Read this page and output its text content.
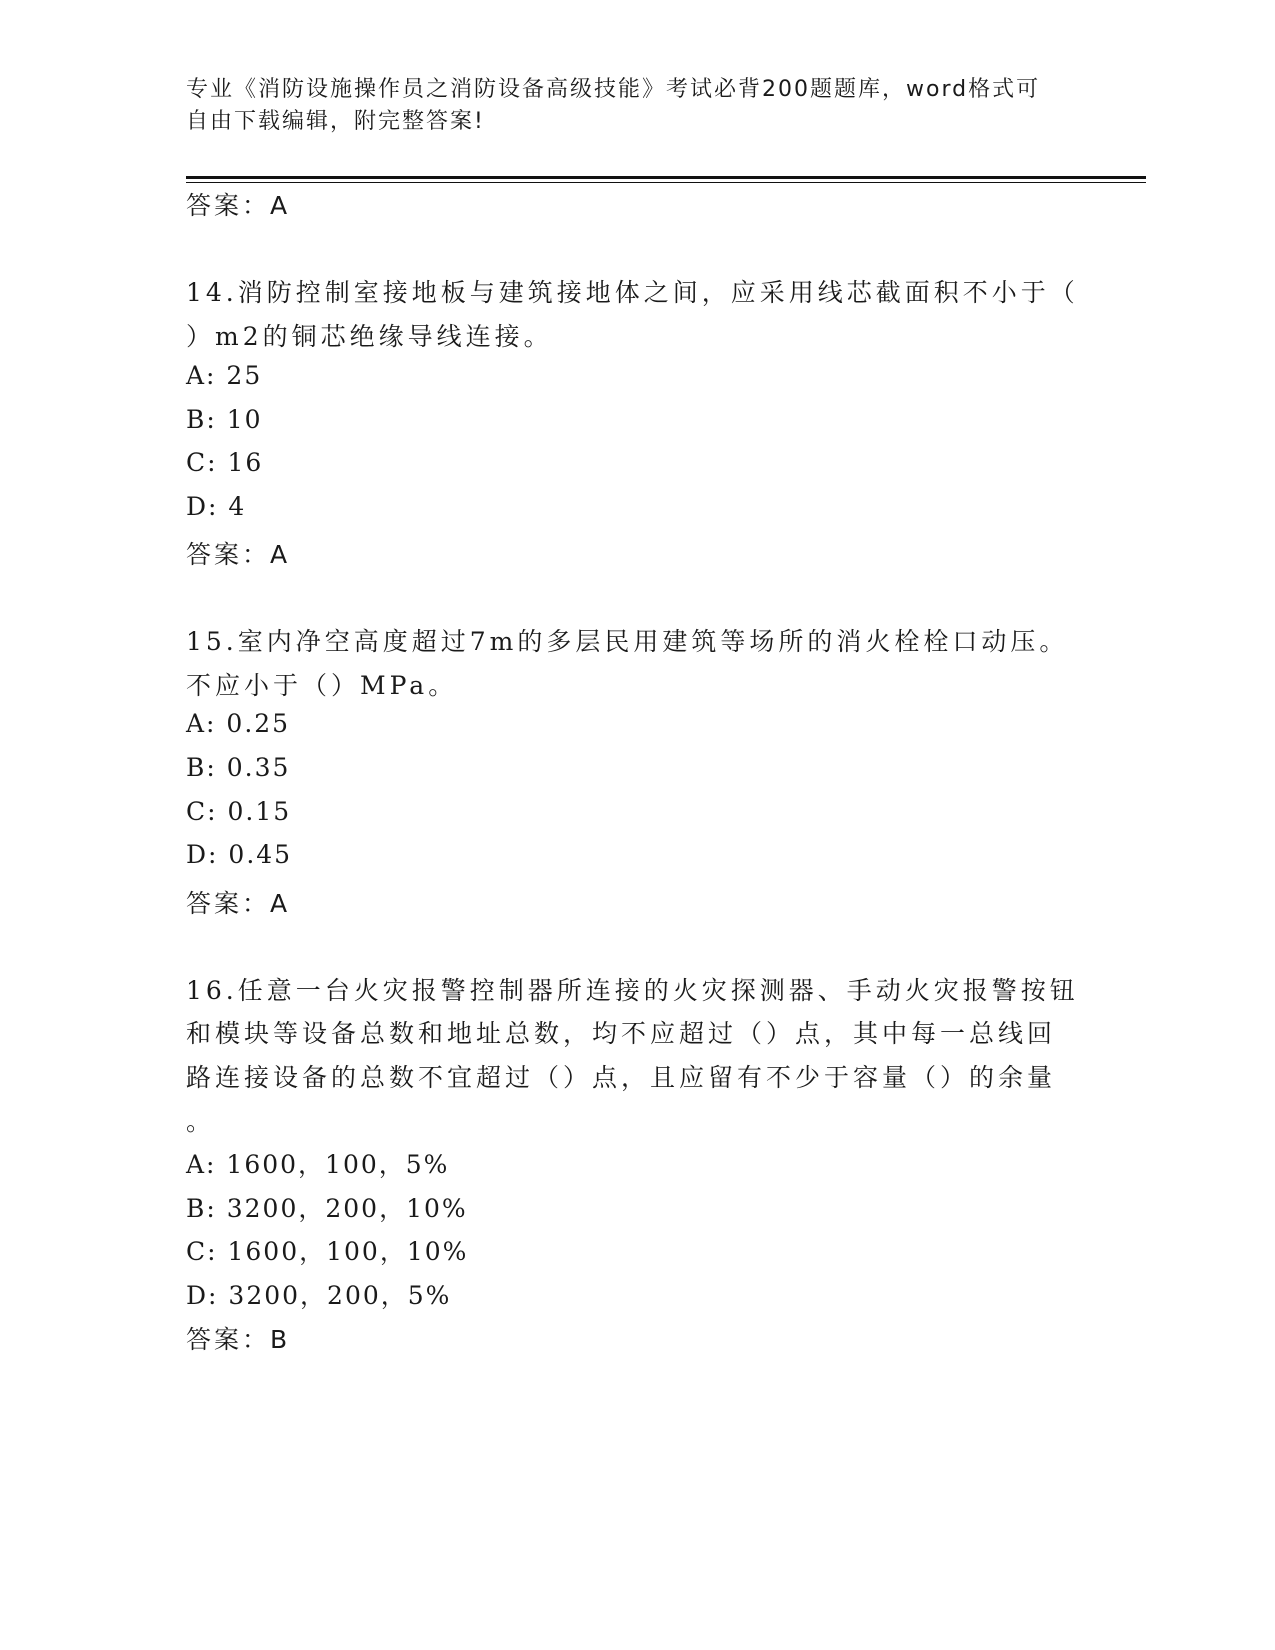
专业《消防设施操作员之消防设备高级技能》考试必背200题题库，word格式可
自由下载编辑，附完整答案!
答案：A
14.消防控制室接地板与建筑接地体之间，应采用线芯截面积不小于（
）m2的铜芯绝缘导线连接。
A: 25
B: 10
C: 16
D: 4
答案：A
15.室内净空高度超过7m的多层民用建筑等场所的消火栓栓口动压。
不应小于（）MPa。
A: 0.25
B: 0.35
C: 0.15
D: 0.45
答案：A
16.任意一台火灾报警控制器所连接的火灾探测器、手动火灾报警按钮
和模块等设备总数和地址总数，均不应超过（）点，其中每一总线回
路连接设备的总数不宜超过（）点，且应留有不少于容量（）的余量
。
A: 1600，100，5%
B: 3200，200，10%
C: 1600，100，10%
D: 3200，200，5%
答案：B
